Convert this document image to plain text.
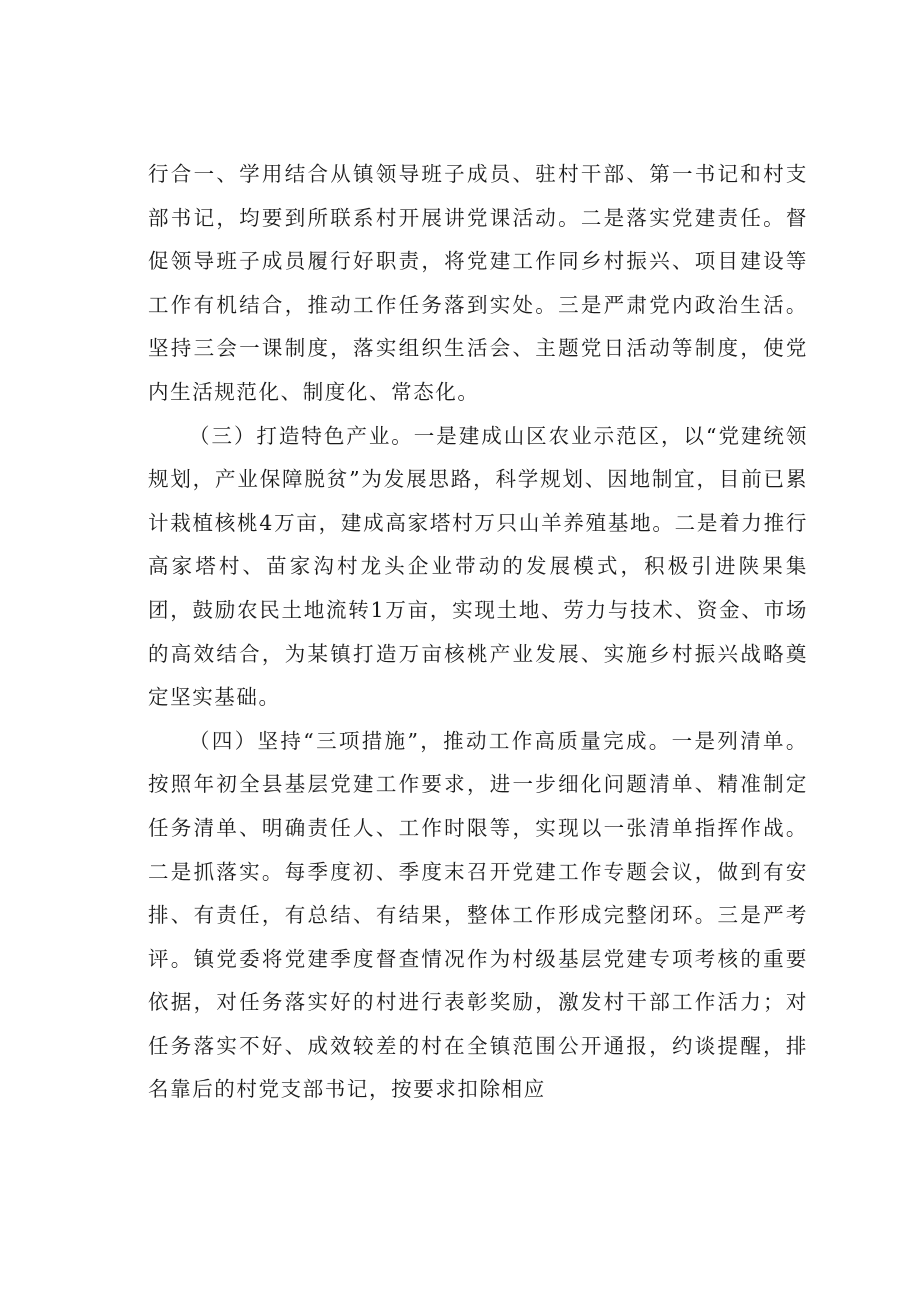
行合一、学用结合从镇领导班子成员、驻村干部、第一书记和村支部书记，均要到所联系村开展讲党课活动。二是落实党建责任。督促领导班子成员履行好职责，将党建工作同乡村振兴、项目建设等工作有机结合，推动工作任务落到实处。三是严肃党内政治生活。坚持三会一课制度，落实组织生活会、主题党日活动等制度，使党内生活规范化、制度化、常态化。

（三）打造特色产业。一是建成山区农业示范区，以“党建统领规划，产业保障脱贫”为发展思路，科学规划、因地制宜，目前已累计栽植核桃4万亩，建成高家塔村万只山羊养殖基地。二是着力推行高家塔村、苗家沟村龙头企业带动的发展模式，积极引进陕果集团，鼓励农民土地流转1万亩，实现土地、劳力与技术、资金、市场的高效结合，为某镇打造万亩核桃产业发展、实施乡村振兴战略奠定坚实基础。

（四）坚持“三项措施”，推动工作高质量完成。一是列清单。按照年初全县基层党建工作要求，进一步细化问题清单、精准制定任务清单、明确责任人、工作时限等，实现以一张清单指挥作战。二是抓落实。每季度初、季度末召开党建工作专题会议，做到有安排、有责任，有总结、有结果，整体工作形成完整闭环。三是严考评。镇党委将党建季度督查情况作为村级基层党建专项考核的重要依据，对任务落实好的村进行表彰奖励，激发村干部工作活力；对任务落实不好、成效较差的村在全镇范围公开通报，约谈提醒，排名靠后的村党支部书记，按要求扣除相应
